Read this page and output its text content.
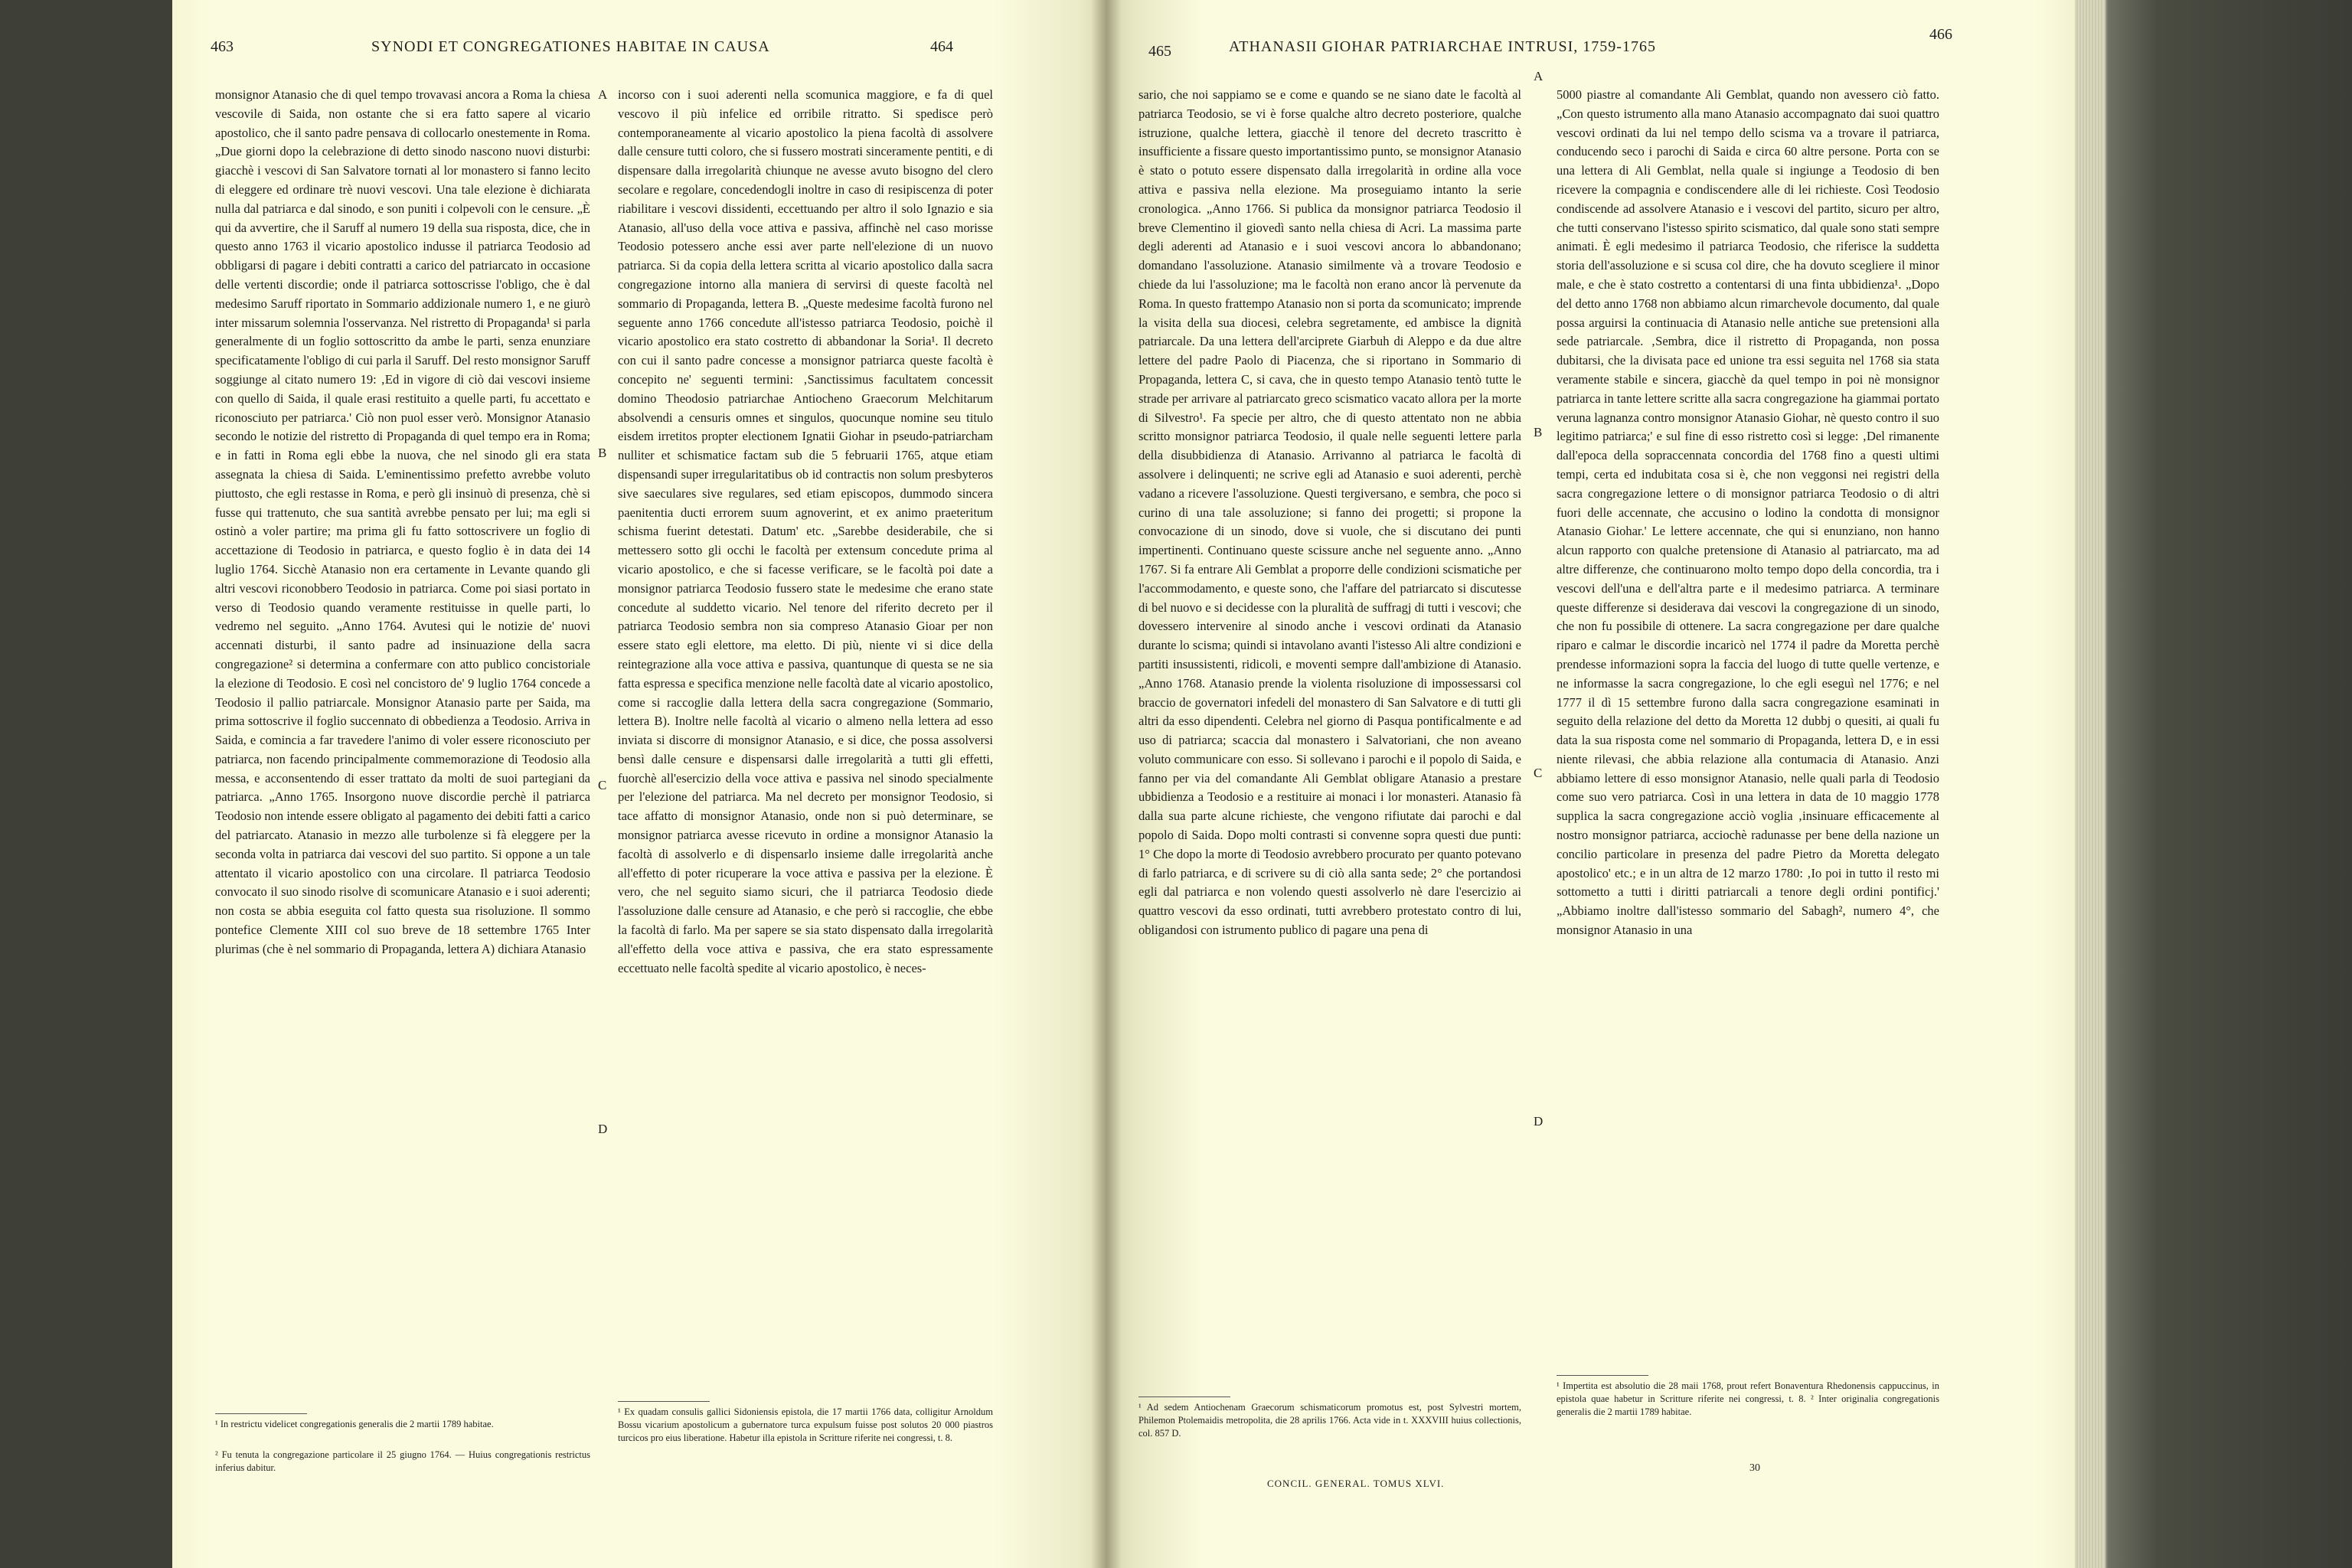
463	SYNODI ET CONGREGATIONES HABITAE IN CAUSA	464
monsignor Atanasio che di quel tempo trovavasi ancora a Roma la chiesa vescovile di Saida, non ostante che si era fatto sapere al vicario apostolico, che il santo padre pensava di collocarlo onestemente in Roma. „Due giorni dopo la celebrazione di detto sinodo nascono nuovi disturbi: giacchè i vescovi di San Salvatore tornati al lor monastero si fanno lecito di eleggere ed ordinare trè nuovi vescovi. Una tale elezione è dichiarata nulla dal patriarca e dal sinodo, e son puniti i colpevoli con le censure. „È qui da avvertire, che il Saruff al numero 19 della sua risposta, dice, che in questo anno 1763 il vicario apostolico indusse il patriarca Teodosio ad obbligarsi di pagare i debiti contratti a carico del patriarcato in occasione delle vertenti discordie; onde il patriarca sottoscrisse l'obligo, che è dal medesimo Saruff riportato in Sommario addizionale numero 1, e ne giurò inter missarum solemnia l'osservanza. Nel ristretto di Propaganda¹ si parla generalmente di un foglio sottoscritto da ambe le parti, senza enunziare specificatamente l'obligo di cui parla il Saruff. Del resto monsignor Saruff soggiunge al citato numero 19: ‚Ed in vigore di ciò dai vescovi insieme con quello di Saida, il quale erasi restituito a quelle parti, fu accettato e riconosciuto per patriarca.' Ciò non puol esser verò. Monsignor Atanasio secondo le notizie del ristretto di Propaganda di quel tempo era in Roma; e in fatti in Roma egli ebbe la nuova, che nel sinodo gli era stata assegnata la chiesa di Saida. L'eminentissimo prefetto avrebbe voluto piuttosto, che egli restasse in Roma, e però gli insinuò di presenza, chè si fusse qui trattenuto, che sua santità avrebbe pensato per lui; ma egli si ostinò a voler partire; ma prima gli fu fatto sottoscrivere un foglio di accettazione di Teodosio in patriarca, e questo foglio è in data dei 14 luglio 1764. Sicchè Atanasio non era certamente in Levante quando gli altri vescovi riconobbero Teodosio in patriarca. Come poi siasi portato in verso di Teodosio quando veramente restituisse in quelle parti, lo vedremo nel seguito. „Anno 1764. Avutesi qui le notizie de' nuovi accennati disturbi, il santo padre ad insinuazione della sacra congregazione² si determina a confermare con atto publico concistoriale la elezione di Teodosio. E così nel concistoro de' 9 luglio 1764 concede a Teodosio il pallio patriarcale. Monsignor Atanasio parte per Saida, ma prima sottoscrive il foglio succennato di obbedienza a Teodosio. Arriva in Saida, e comincia a far travedere l'animo di voler essere riconosciuto per patriarca, non facendo principalmente commemorazione di Teodosio alla messa, e acconsentendo di esser trattato da molti de suoi partegiani da patriarca. „Anno 1765. Insorgono nuove discordie perchè il patriarca Teodosio non intende essere obligato al pagamento dei debiti fatti a carico del patriarcato. Atanasio in mezzo alle turbolenze si fà eleggere per la seconda volta in patriarca dai vescovi del suo partito. Si oppone a un tale attentato il vicario apostolico con una circolare. Il patriarca Teodosio convocato il suo sinodo risolve di scomunicare Atanasio e i suoi aderenti; non costa se abbia eseguita col fatto questa sua risoluzione. Il sommo pontefice Clemente XIII col suo breve de 18 settembre 1765 Inter plurimas (che è nel sommario di Propaganda, lettera A) dichiara Atanasio
incorso con i suoi aderenti nella scomunica maggiore, e fa di quel vescovo il più infelice ed orribile ritratto. Si spedisce però contemporaneamente al vicario apostolico la piena facoltà di assolvere dalle censure tutti coloro, che si fussero mostrati sinceramente pentiti, e di dispensare dalla irregolarità chiunque ne avesse avuto bisogno del clero secolare e regolare, concedendogli inoltre in caso di resipiscenza di poter riabilitare i vescovi dissidenti, eccettuando per altro il solo Ignazio e sia Atanasio, all'uso della voce attiva e passiva, affinchè nel caso morisse Teodosio potessero anche essi aver parte nell'elezione di un nuovo patriarca. Si da copia della lettera scritta al vicario apostolico dalla sacra congregazione intorno alla maniera di servirsi di queste facoltà nel sommario di Propaganda, lettera B. „Queste medesime facoltà furono nel seguente anno 1766 concedute all'istesso patriarca Teodosio, poichè il vicario apostolico era stato costretto di abbandonar la Soria¹. Il decreto con cui il santo padre concesse a monsignor patriarca queste facoltà è concepito ne' seguenti termini: ‚Sanctissimus facultatem concessit domino Theodosio patriarchae Antiocheno Graecorum Melchitarum absolvendi a censuris omnes et singulos, quocunque nomine seu titulo eisdem irretitos propter electionem Ignatii Giohar in pseudo-patriarcham nulliter et schismatice factam sub die 5 februarii 1765, atque etiam dispensandi super irregularitatibus ob id contractis non solum presbyteros sive saeculares sive regulares, sed etiam episcopos, dummodo sincera paenitentia ducti errorem suum agnoverint, et ex animo praeteritum schisma fuerint detestati. Datum' etc. „Sarebbe desiderabile, che si mettessero sotto gli occhi le facoltà per extensum concedute prima al vicario apostolico, e che si facesse verificare, se le facoltà poi date a monsignor patriarca Teodosio fussero state le medesime che erano state concedute al suddetto vicario. Nel tenore del riferito decreto per il patriarca Teodosio sembra non sia compreso Atanasio Gioar per non essere stato egli elettore, ma eletto. Di più, niente vi si dice della reintegrazione alla voce attiva e passiva, quantunque di questa se ne sia fatta espressa e specifica menzione nelle facoltà date al vicario apostolico, come si raccoglie dalla lettera della sacra congregazione (Sommario, lettera B). Inoltre nelle facoltà al vicario o almeno nella lettera ad esso inviata si discorre di monsignor Atanasio, e si dice, che possa assolversi bensì dalle censure e dispensarsi dalle irregolarità a tutti gli effetti, fuorchè all'esercizio della voce attiva e passiva nel sinodo specialmente per l'elezione del patriarca. Ma nel decreto per monsignor Teodosio, si tace affatto di monsignor Atanasio, onde non si può determinare, se monsignor patriarca avesse ricevuto in ordine a monsignor Atanasio la facoltà di assolverlo e di dispensarlo insieme dalle irregolarità anche all'effetto di poter ricuperare la voce attiva e passiva per la elezione. È vero, che nel seguito siamo sicuri, che il patriarca Teodosio diede l'assoluzione dalle censure ad Atanasio, e che però si raccoglie, che ebbe la facoltà di farlo. Ma per sapere se sia stato dispensato dalla irregolarità all'effetto della voce attiva e passiva, che era stato espressamente eccettuato nelle facoltà spedite al vicario apostolico, è neces-
A
B
C
D
¹ In restrictu videlicet congregationis generalis die 2 martii 1789 habitae.
² Fu tenuta la congregazione particolare il 25 giugno 1764. — Huius congregationis restrictus inferius dabitur.
¹ Ex quadam consulis gallici Sidoniensis epistola, die 17 martii 1766 data, colligitur Arnoldum Bossu vicarium apostolicum a gubernatore turca expulsum fuisse post solutos 20 000 piastros turcicos pro eius liberatione. Habetur illa epistola in Scritture riferite nei congressi, t. 8.
465	ATHANASII GIOHAR PATRIARCHAE INTRUSI, 1759-1765
466
sario, che noi sappiamo se e come e quando se ne siano date le facoltà al patriarca Teodosio, se vi è forse qualche altro decreto posteriore, qualche istruzione, qualche lettera, giacchè il tenore del decreto trascritto è insufficiente a fissare questo importantissimo punto, se monsignor Atanasio è stato o potuto essere dispensato dalla irregolarità in ordine alla voce attiva e passiva nella elezione. Ma proseguiamo intanto la serie cronologica. „Anno 1766. Si publica da monsignor patriarca Teodosio il breve Clementino il giovedì santo nella chiesa di Acri. La massima parte degli aderenti ad Atanasio e i suoi vescovi ancora lo abbandonano; domandano l'assoluzione. Atanasio similmente và a trovare Teodosio e chiede da lui l'assoluzione; ma le facoltà non erano ancor là pervenute da Roma. In questo frattempo Atanasio non si porta da scomunicato; imprende la visita della sua diocesi, celebra segretamente, ed ambisce la dignità patriarcale. Da una lettera dell'arciprete Giarbuh di Aleppo e da due altre lettere del padre Paolo di Piacenza, che si riportano in Sommario di Propaganda, lettera C, si cava, che in questo tempo Atanasio tentò tutte le strade per arrivare al patriarcato greco scismatico vacato allora per la morte di Silvestro¹. Fa specie per altro, che di questo attentato non ne abbia scritto monsignor patriarca Teodosio, il quale nelle seguenti lettere parla della disubbidienza di Atanasio. Arrivanno al patriarca le facoltà di assolvere i delinquenti; ne scrive egli ad Atanasio e suoi aderenti, perchè vadano a ricevere l'assoluzione. Questi tergiversano, e sembra, che poco si curino di una tale assoluzione; si fanno dei progetti; si propone la convocazione di un sinodo, dove si vuole, che si discutano dei punti impertinenti. Continuano queste scissure anche nel seguente anno. „Anno 1767. Si fa entrare Ali Gemblat a proporre delle condizioni scismatiche per l'accommodamento, e queste sono, che l'affare del patriarcato si discutesse di bel nuovo e si decidesse con la pluralità de suffragj di tutti i vescovi; che dovessero intervenire al sinodo anche i vescovi ordinati da Atanasio durante lo scisma; quindi si intavolano avanti l'istesso Ali altre condizioni e partiti insussistenti, ridicoli, e moventi sempre dall'ambizione di Atanasio. „Anno 1768. Atanasio prende la violenta risoluzione di impossessarsi col braccio de governatori infedeli del monastero di San Salvatore e di tutti gli altri da esso dipendenti. Celebra nel giorno di Pasqua pontificalmente e ad uso di patriarca; scaccia dal monastero i Salvatoriani, che non aveano voluto communicare con esso. Si sollevano i parochi e il popolo di Saida, e fanno per via del comandante Ali Gemblat obligare Atanasio a prestare ubbidienza a Teodosio e a restituire ai monaci i lor monasteri. Atanasio fà dalla sua parte alcune richieste, che vengono rifiutate dai parochi e dal popolo di Saida. Dopo molti contrasti si convenne sopra questi due punti: 1° Che dopo la morte di Teodosio avrebbero procurato per quanto potevano di farlo patriarca, e di scrivere su di ciò alla santa sede; 2° che portandosi egli dal patriarca e non volendo questi assolverlo nè dare l'esercizio ai quattro vescovi da esso ordinati, tutti avrebbero protestato contro di lui, obligandosi con istrumento publico di pagare una pena di
5000 piastre al comandante Ali Gemblat, quando non avessero ciò fatto. „Con questo istrumento alla mano Atanasio accompagnato dai suoi quattro vescovi ordinati da lui nel tempo dello scisma va a trovare il patriarca, conducendo seco i parochi di Saida e circa 60 altre persone. Porta con se una lettera di Ali Gemblat, nella quale si ingiunge a Teodosio di ben ricevere la compagnia e condiscendere alle di lei richieste. Così Teodosio condiscende ad assolvere Atanasio e i vescovi del partito, sicuro per altro, che tutti conservano l'istesso spirito scismatico, dal quale sono stati sempre animati. È egli medesimo il patriarca Teodosio, che riferisce la suddetta storia dell'assoluzione e si scusa col dire, che ha dovuto scegliere il minor male, e che è stato costretto a contentarsi di una finta ubbidienza¹. „Dopo del detto anno 1768 non abbiamo alcun rimarchevole documento, dal quale possa arguirsi la continuacia di Atanasio nelle antiche sue pretensioni alla sede patriarcale. ‚Sembra, dice il ristretto di Propaganda, non possa dubitarsi, che la divisata pace ed unione tra essi seguita nel 1768 sia stata veramente stabile e sincera, giacchè da quel tempo in poi nè monsignor patriarca in tante lettere scritte alla sacra congregazione ha giammai portato veruna lagnanza contro monsignor Atanasio Giohar, nè questo contro il suo legitimo patriarca;' e sul fine di esso ristretto così si legge: ‚Del rimanente dall'epoca della sopraccennata concordia del 1768 fino a questi ultimi tempi, certa ed indubitata cosa si è, che non veggonsi nei registri della sacra congregazione lettere o di monsignor patriarca Teodosio o di altri fuori delle accennate, che accusino o lodino la condotta di monsignor Atanasio Giohar.' Le lettere accennate, che qui si enunziano, non hanno alcun rapporto con qualche pretensione di Atanasio al patriarcato, ma ad altre differenze, che continuarono molto tempo dopo della concordia, tra i vescovi dell'una e dell'altra parte e il medesimo patriarca. A terminare queste differenze si desiderava dai vescovi la congregazione di un sinodo, che non fu possibile di ottenere. La sacra congregazione per dare qualche riparo e calmar le discordie incaricò nel 1774 il padre da Moretta perchè prendesse informazioni sopra la faccia del luogo di tutte quelle vertenze, e ne informasse la sacra congregazione, lo che egli eseguì nel 1776; e nel 1777 il dì 15 settembre furono dalla sacra congregazione esaminati in seguito della relazione del detto da Moretta 12 dubbj o quesiti, ai quali fu data la sua risposta come nel sommario di Propaganda, lettera D, e in essi niente rilevasi, che abbia relazione alla contumacia di Atanasio. Anzi abbiamo lettere di esso monsignor Atanasio, nelle quali parla di Teodosio come suo vero patriarca. Così in una lettera in data de 10 maggio 1778 supplica la sacra congregazione acciò voglia ‚insinuare efficacemente al nostro monsignor patriarca, acciochè radunasse per bene della nazione un concilio particolare in presenza del padre Pietro da Moretta delegato apostolico' etc.; e in un altra de 12 marzo 1780: ‚Io poi in tutto il resto mi sottometto a tutti i diritti patriarcali a tenore degli ordini pontificj.' „Abbiamo inoltre dall'istesso sommario del Sabagh², numero 4°, che monsignor Atanasio in una
A
B
C
D
¹ Ad sedem Antiochenam Graecorum schismaticorum promotus est, post Sylvestri mortem, Philemon Ptolemaidis metropolita, die 28 aprilis 1766. Acta vide in t. XXXVIII huius collectionis, col. 857 D.
¹ Impertita est absolutio die 28 maii 1768, prout refert Bonaventura Rhedonensis cappuccinus, in epistola quae habetur in Scritture riferite nei congressi, t. 8. ² Inter originalia congregationis generalis die 2 martii 1789 habitae.
CONCIL. GENERAL. TOMUS XLVI.
30
